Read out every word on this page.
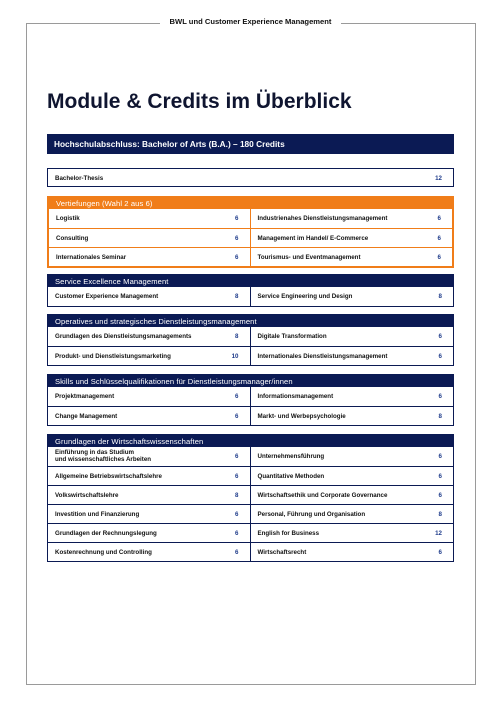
BWL und Customer Experience Management
Module & Credits im Überblick
Hochschulabschluss: Bachelor of Arts (B.A.) – 180 Credits
Bachelor-Thesis	12
Vertiefungen (Wahl 2 aus 6)
Logistik	6	Industrienahes Dienstleistungsmanagement	6
Consulting	6	Management im Handel/ E-Commerce	6
Internationales Seminar	6	Tourismus- und Eventmanagement	6
Service Excellence Management
Customer Experience Management	8	Service Engineering und Design	8
Operatives und strategisches Dienstleistungsmanagement
Grundlagen des Dienstleistungsmanagements	8	Digitale Transformation	6
Produkt- und Dienstleistungsmarketing	10	Internationales Dienstleistungsmanagement	6
Skills und Schlüsselqualifikationen für Dienstleistungsmanager/innen
Projektmanagement	6	Informationsmanagement	6
Change Management	6	Markt- und Werbepsychologie	8
Grundlagen der Wirtschaftswissenschaften
Einführung in das Studium
und wissenschaftliches Arbeiten	6	Unternehmensführung	6
Allgemeine Betriebswirtschaftslehre	6	Quantitative Methoden	6
Volkswirtschaftslehre	8	Wirtschaftsethik und Corporate Governance	6
Investition und Finanzierung	6	Personal, Führung und Organisation	8
Grundlagen der Rechnungslegung	6	English for Business	12
Kostenrechnung und Controlling	6	Wirtschaftsrecht	6
